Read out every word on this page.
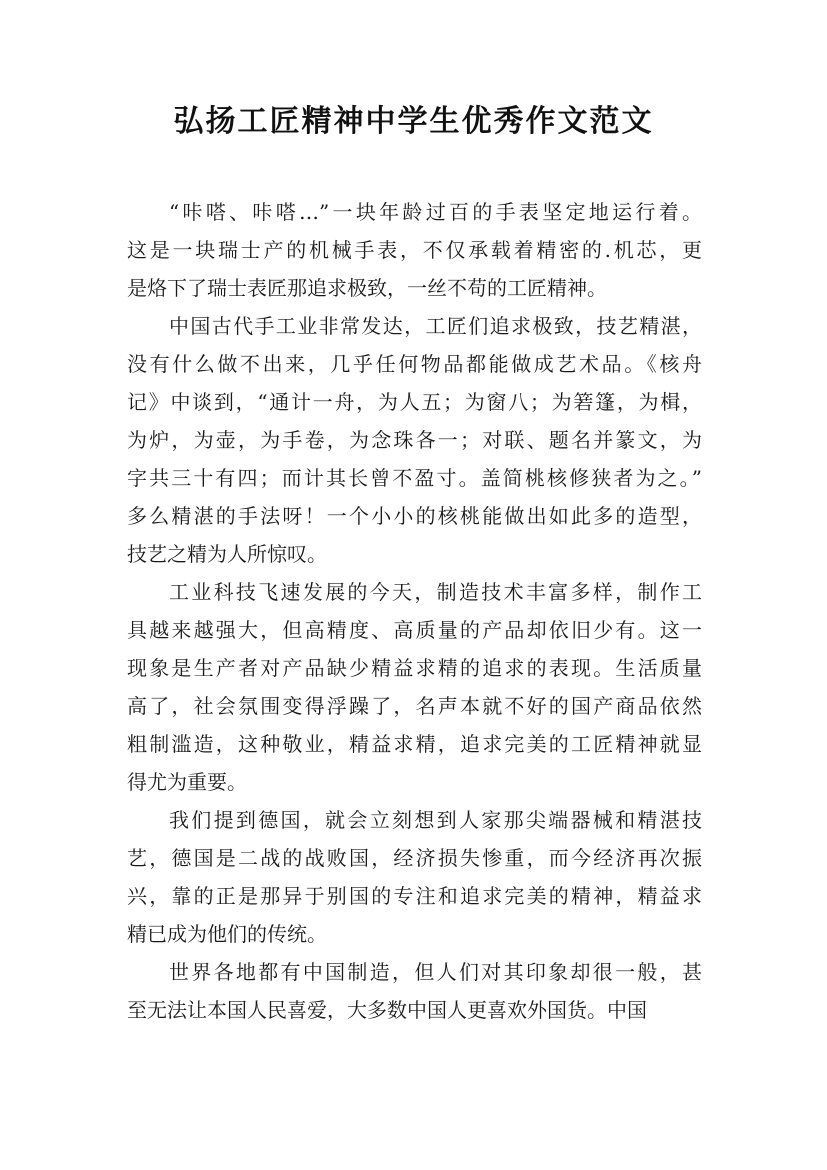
弘扬工匠精神中学生优秀作文范文
“咔嗒、咔嗒…”一块年龄过百的手表坚定地运行着。
这是一块瑞士产的机械手表，不仅承载着精密的.机芯，更
是烙下了瑞士表匠那追求极致，一丝不苟的工匠精神。
中国古代手工业非常发达，工匠们追求极致，技艺精湛，
没有什么做不出来，几乎任何物品都能做成艺术品。《核舟
记》中谈到，“通计一舟，为人五；为窗八；为箬篷，为楫，
为炉，为壶，为手卷，为念珠各一；对联、题名并篆文，为
字共三十有四；而计其长曾不盈寸。盖简桃核修狭者为之。”
多么精湛的手法呀！一个小小的核桃能做出如此多的造型，
技艺之精为人所惊叹。
工业科技飞速发展的今天，制造技术丰富多样，制作工
具越来越强大，但高精度、高质量的产品却依旧少有。这一
现象是生产者对产品缺少精益求精的追求的表现。生活质量
高了，社会氛围变得浮躁了，名声本就不好的国产商品依然
粗制滥造，这种敬业，精益求精，追求完美的工匠精神就显
得尤为重要。
我们提到德国，就会立刻想到人家那尖端器械和精湛技
艺，德国是二战的战败国，经济损失惨重，而今经济再次振
兴，靠的正是那异于别国的专注和追求完美的精神，精益求
精已成为他们的传统。
世界各地都有中国制造，但人们对其印象却很一般，甚
至无法让本国人民喜爱，大多数中国人更喜欢外国货。中国
